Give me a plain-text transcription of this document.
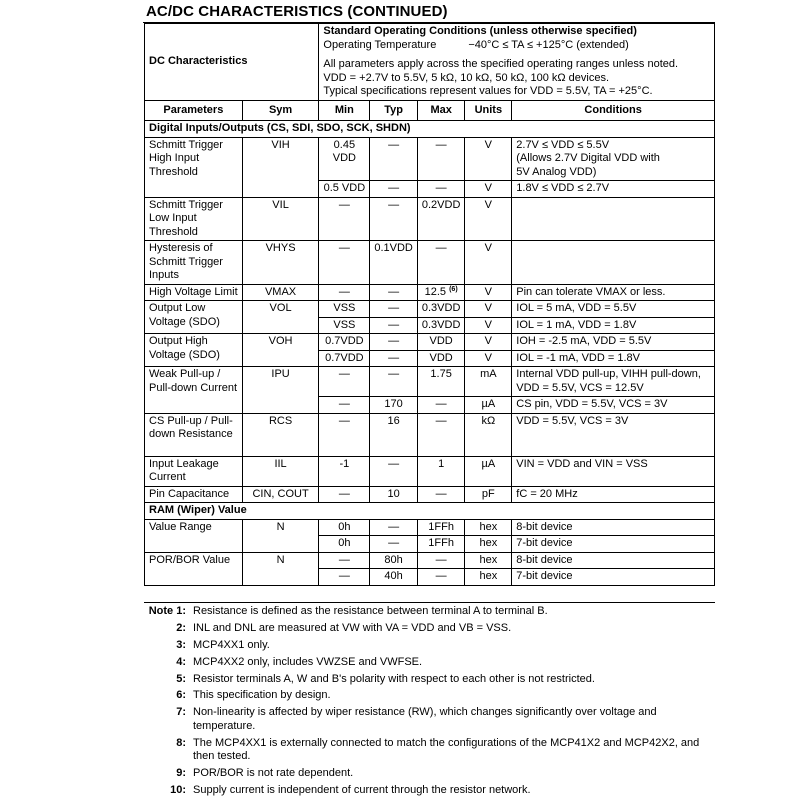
AC/DC CHARACTERISTICS (CONTINUED)
DC Characteristics		Standard Operating Conditions (unless otherwise specified)
Operating Temperature −40°C ≤ TA ≤ +125°C (extended)
All parameters apply across the specified operating ranges unless noted.
VDD = +2.7V to 5.5V, 5 kΩ, 10 kΩ, 50 kΩ, 100 kΩ devices.
Typical specifications represent values for VDD = 5.5V, TA = +25°C.				

Parameters	Sym	Min	Typ	Max	Units	Conditions
Digital Inputs/Outputs (CS, SDI, SDO, SCK, SHDN)						
Schmitt Trigger High Input Threshold	VIH	0.45 VDD	—	—	V	2.7V ≤ VDD ≤ 5.5V
(Allows 2.7V Digital VDD with
5V Analog VDD)

		0.5 VDD	—	—	V	1.8V ≤ VDD ≤ 2.7V
Schmitt Trigger Low Input Threshold	VIL	—	—	0.2VDD	V	
Hysteresis of Schmitt Trigger Inputs	VHYS	—	0.1VDD	—	V	
High Voltage Limit	VMAX	—	—	12.5 $^{(6)}$	V	Pin can tolerate VMAX or less.
Output Low Voltage (SDO)	VOL	VSS	—	0.3VDD	V	IOL = 5 mA, VDD = 5.5V
		VSS	—	0.3VDD	V	IOL = 1 mA, VDD = 1.8V
Output High Voltage (SDO)	VOH	0.7VDD	—	VDD	V	IOH = -2.5 mA, VDD = 5.5V
		0.7VDD	—	VDD	V	IOL = -1 mA, VDD = 1.8V
Weak Pull-up / Pull-down Current	IPU	—	—	1.75	mA	Internal VDD pull-up, VIHH pull-down,
VDD = 5.5V, VCS = 12.5V

		—	170	—	µA	CS pin, VDD = 5.5V, VCS = 3V
CS Pull-up / Pull-down Resistance	RCS	—	16	—	kΩ	VDD = 5.5V, VCS = 3V
Input Leakage Current	IIL	-1	—	1	µA	VIN = VDD and VIN = VSS
Pin Capacitance	CIN, COUT	—	10	—	pF	fC = 20 MHz
RAM (Wiper) Value						
Value Range	N	0h	—	1FFh	hex	8-bit device
		0h	—	1FFh	hex	7-bit device
POR/BOR Value	N	—	80h	—	hex	8-bit device
		—	40h	—	hex	7-bit device
Note 1: Resistance is defined as the resistance between terminal A to terminal B.
2: INL and DNL are measured at VW with VA = VDD and VB = VSS.
3: MCP4XX1 only.
4: MCP4XX2 only, includes VWZSE and VWFSE.
5: Resistor terminals A, W and B's polarity with respect to each other is not restricted.
6: This specification by design.
7: Non-linearity is affected by wiper resistance (RW), which changes significantly over voltage and temperature.
8: The MCP4XX1 is externally connected to match the configurations of the MCP41X2 and MCP42X2, and then tested.
9: POR/BOR is not rate dependent.
10: Supply current is independent of current through the resistor network.
